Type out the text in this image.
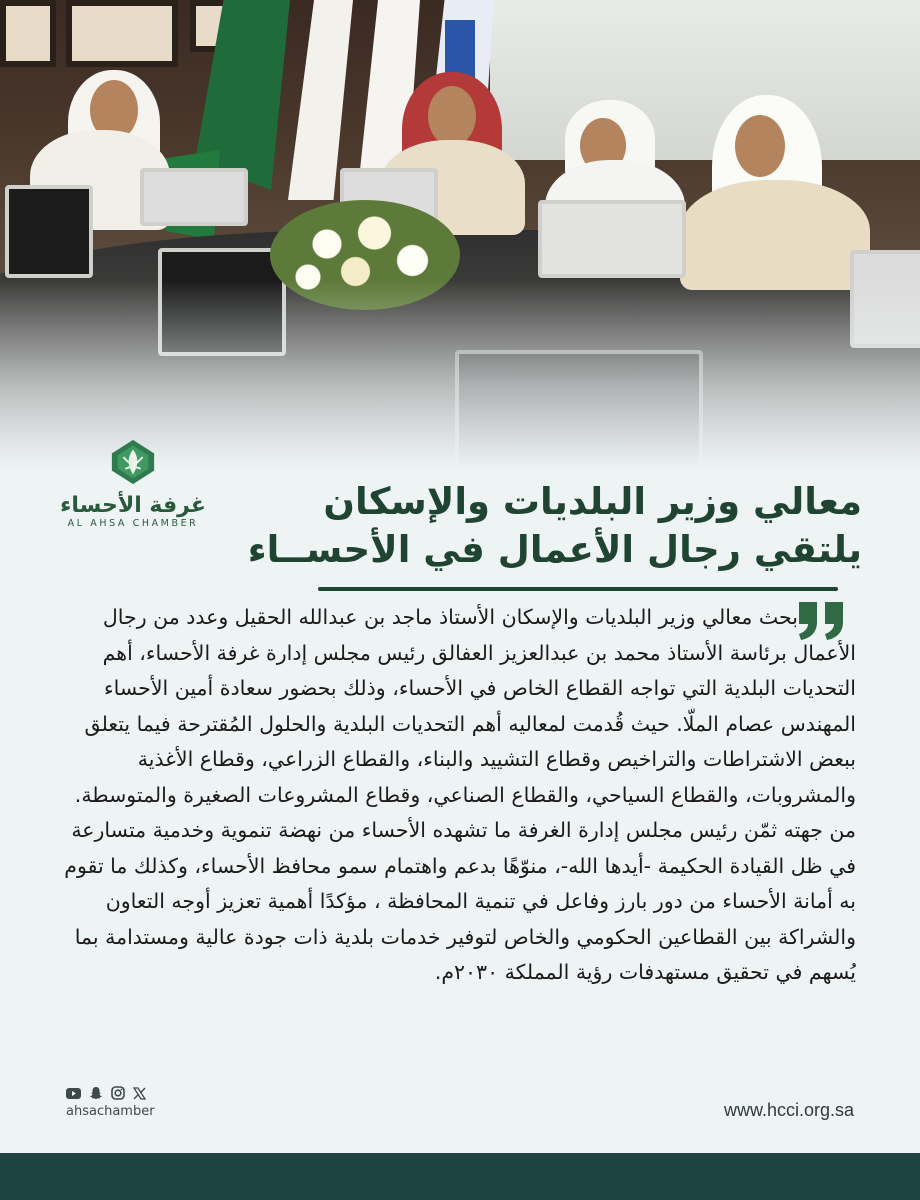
غرفة الأحساء
AL AHSA CHAMBER
معالي وزير البلديات والإسكان
يلتقي رجال الأعمال في الأحســاء

بحث معالي وزير البلديات والإسكان الأستاذ ماجد بن عبدالله الحقيل وعدد من رجال الأعمال برئاسة الأستاذ محمد بن عبدالعزيز العفالق رئيس مجلس إدارة غرفة الأحساء، أهم التحديات البلدية التي تواجه القطاع الخاص في الأحساء، وذلك بحضور سعادة أمين الأحساء المهندس عصام الملّا. حيث قُدمت لمعاليه أهم التحديات البلدية والحلول المُقترحة فيما يتعلق ببعض الاشتراطات والتراخيص وقطاع التشييد والبناء، والقطاع الزراعي، وقطاع الأغذية والمشروبات، والقطاع السياحي، والقطاع الصناعي، وقطاع المشروعات الصغيرة والمتوسطة.

من جهته ثمّن رئيس مجلس إدارة الغرفة ما تشهده الأحساء من نهضة تنموية وخدمية متسارعة في ظل القيادة الحكيمة -أيدها الله-، منوّهًا بدعم واهتمام سمو محافظ الأحساء، وكذلك ما تقوم به أمانة الأحساء من دور بارز وفاعل في تنمية المحافظة ، مؤكدًا أهمية تعزيز أوجه التعاون والشراكة بين القطاعين الحكومي والخاص لتوفير خدمات بلدية ذات جودة عالية ومستدامة بما يُسهم في تحقيق مستهدفات رؤية المملكة ٢٠٣٠م.

ahsachamber	www.hcci.org.sa
